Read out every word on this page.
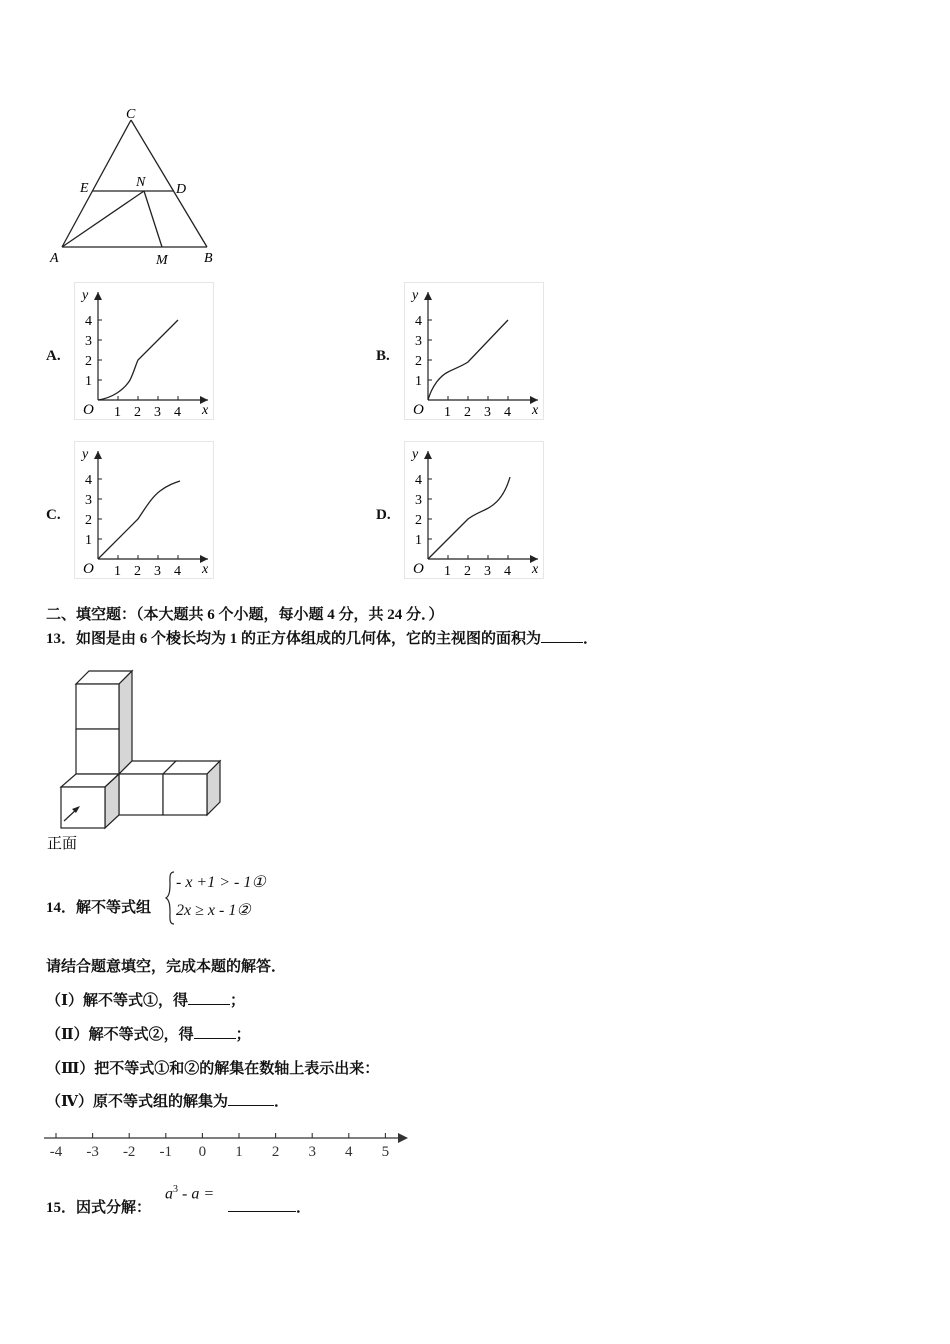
C
E	N D
A	M	B
A.	B.
C.	D.
y
x
O 1 2 3 4
1
2
3
4
y
x
O 1 2 3 4
1
2
3
4
y
x
O 1 2 3 4
1
2
3
4
y
x
O 1 2 3 4
1
2
3
4
二、填空题：（本大题共 6 个小题，每小题 4 分，共 24 分．）
13．如图是由 6 个棱长均为 1 的正方体组成的几何体，它的主视图的面积为	．
正面
14．解不等式组
- x +1 > - 1①
2x ≥ x - 1②
请结合题意填空，完成本题的解答．
（Ⅰ）解不等式①，得	；
（Ⅱ）解不等式②，得	；
（Ⅲ）把不等式①和②的解集在数轴上表示出来：
（Ⅳ）原不等式组的解集为	．
-4 -3 -2 -1 0 1 2 3 4 5
15．因式分解：
$a^3$ - a =
．
